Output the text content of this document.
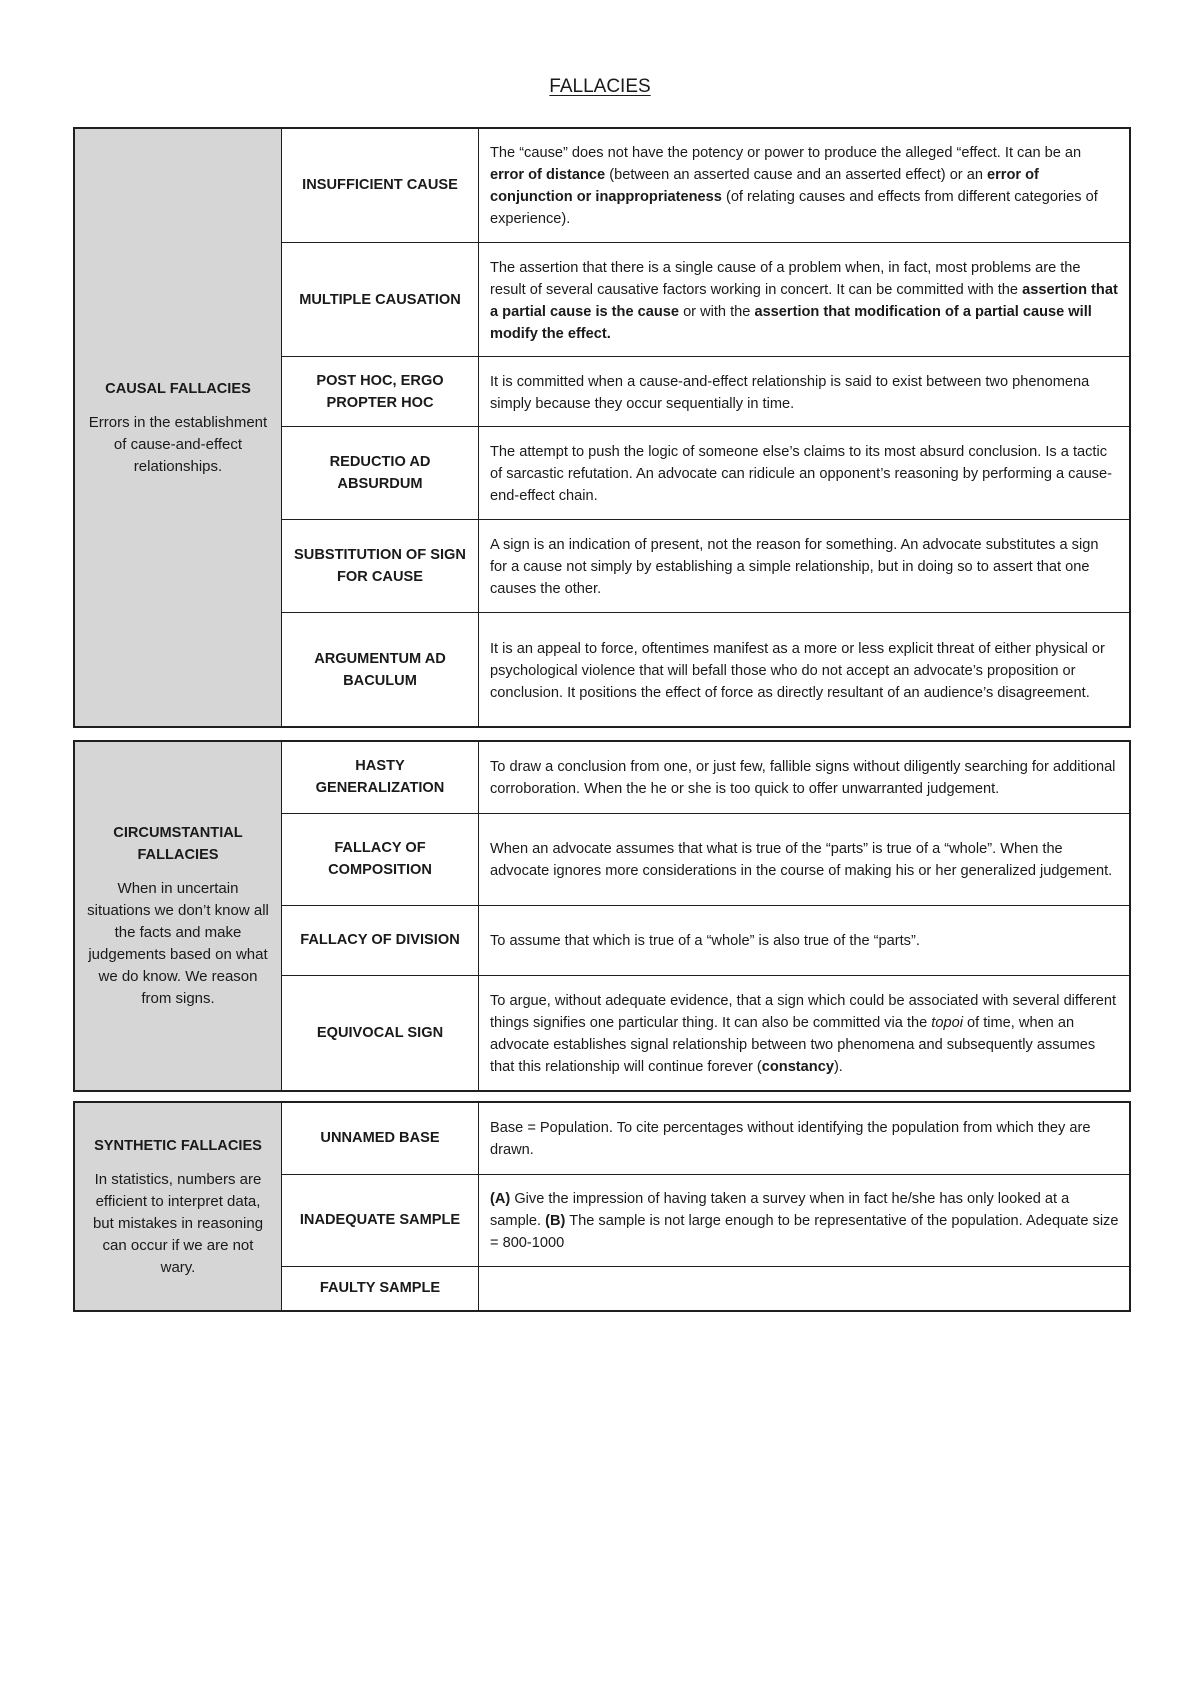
FALLACIES
CAUSAL FALLACIES
Errors in the establishment of cause-and-effect relationships.	INSUFFICIENT CAUSE	The “cause” does not have the potency or power to produce the alleged “effect. It can be an error of distance (between an asserted cause and an asserted effect) or an error of conjunction or inappropriateness (of relating causes and effects from different categories of experience).
	MULTIPLE CAUSATION	The assertion that there is a single cause of a problem when, in fact, most problems are the result of several causative factors working in concert. It can be committed with the assertion that a partial cause is the cause or with the assertion that modification of a partial cause will modify the effect.
	POST HOC, ERGO PROPTER HOC	It is committed when a cause-and-effect relationship is said to exist between two phenomena simply because they occur sequentially in time.
	REDUCTIO AD ABSURDUM	The attempt to push the logic of someone else’s claims to its most absurd conclusion. Is a tactic of sarcastic refutation. An advocate can ridicule an opponent’s reasoning by performing a cause-end-effect chain.
	SUBSTITUTION OF SIGN FOR CAUSE	A sign is an indication of present, not the reason for something. An advocate substitutes a sign for a cause not simply by establishing a simple relationship, but in doing so to assert that one causes the other.
	ARGUMENTUM AD BACULUM	It is an appeal to force, oftentimes manifest as a more or less explicit threat of either physical or psychological violence that will befall those who do not accept an advocate’s proposition or conclusion. It positions the effect of force as directly resultant of an audience’s disagreement.
CIRCUMSTANTIAL FALLACIES
When in uncertain situations we don’t know all the facts and make judgements based on what we do know. We reason from signs.	HASTY GENERALIZATION	To draw a conclusion from one, or just few, fallible signs without diligently searching for additional corroboration. When the he or she is too quick to offer unwarranted judgement.
	FALLACY OF COMPOSITION	When an advocate assumes that what is true of the “parts” is true of a “whole”. When the advocate ignores more considerations in the course of making his or her generalized judgement.
	FALLACY OF DIVISION	To assume that which is true of a “whole” is also true of the “parts”.
	EQUIVOCAL SIGN	To argue, without adequate evidence, that a sign which could be associated with several different things signifies one particular thing. It can also be committed via the topoi of time, when an advocate establishes signal relationship between two phenomena and subsequently assumes that this relationship will continue forever (constancy).
SYNTHETIC FALLACIES
In statistics, numbers are efficient to interpret data, but mistakes in reasoning can occur if we are not wary.	UNNAMED BASE	Base = Population. To cite percentages without identifying the population from which they are drawn.
	INADEQUATE SAMPLE	(A) Give the impression of having taken a survey when in fact he/she has only looked at a sample. (B) The sample is not large enough to be representative of the population. Adequate size = 800-1000
	FAULTY SAMPLE	
